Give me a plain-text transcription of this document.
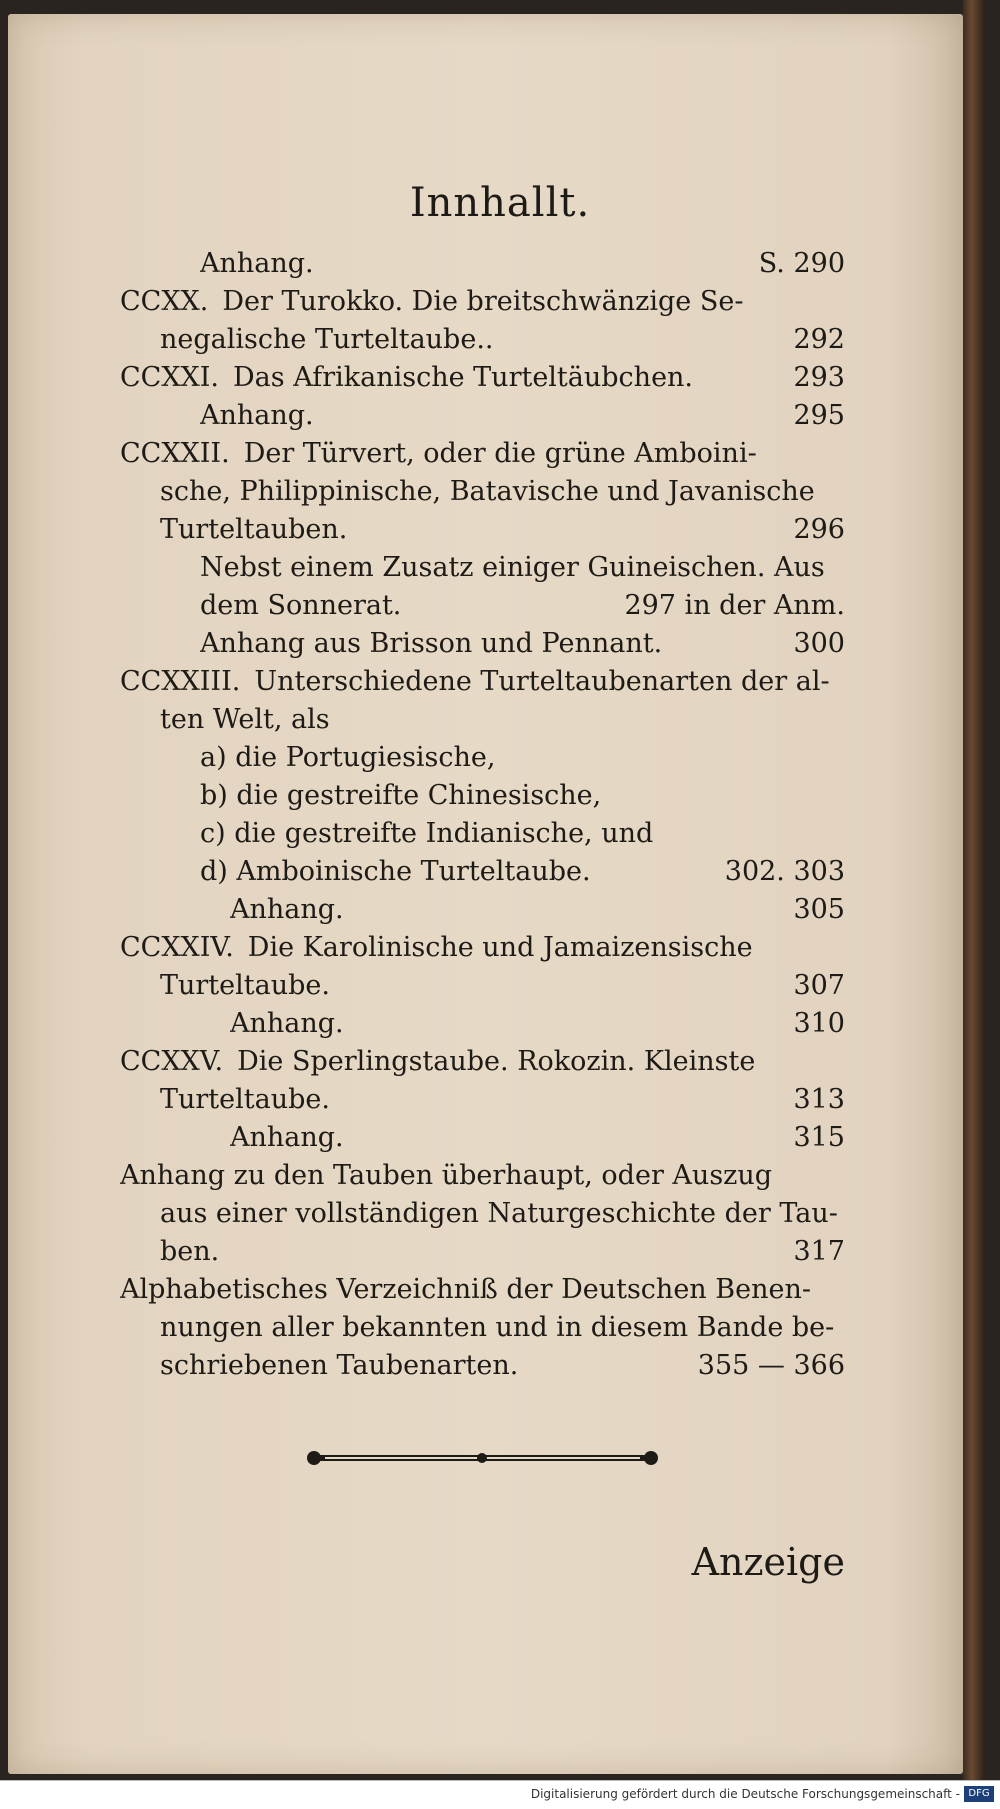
Innhallt.
Anhang.	S. 290
CCXX. Der Turokko. Die breitschwänzige Se-
negalische Turteltaube..	292
CCXXI. Das Afrikanische Turteltäubchen.	293
Anhang.	295
CCXXII. Der Türvert, oder die grüne Amboini-
sche, Philippinische, Batavische und Javanische
Turteltauben.	296
Nebst einem Zusatz einiger Guineischen. Aus
dem Sonnerat.	297 in der Anm.
Anhang aus Brisson und Pennant.	300
CCXXIII. Unterschiedene Turteltaubenarten der al-
ten Welt, als
a) die Portugiesische,
b) die gestreifte Chinesische,
c) die gestreifte Indianische, und
d) Amboinische Turteltaube.	302. 303
Anhang.	305
CCXXIV. Die Karolinische und Jamaizensische
Turteltaube.	307
Anhang.	310
CCXXV. Die Sperlingstaube. Rokozin. Kleinste
Turteltaube.	313
Anhang.	315
Anhang zu den Tauben überhaupt, oder Auszug
aus einer vollständigen Naturgeschichte der Tau-
ben.	317
Alphabetisches Verzeichniß der Deutschen Benen-
nungen aller bekannten und in diesem Bande be-
schriebenen Taubenarten.	355 — 366
Anzeige
Digitalisierung gefördert durch die Deutsche Forschungsgemeinschaft - DFG
